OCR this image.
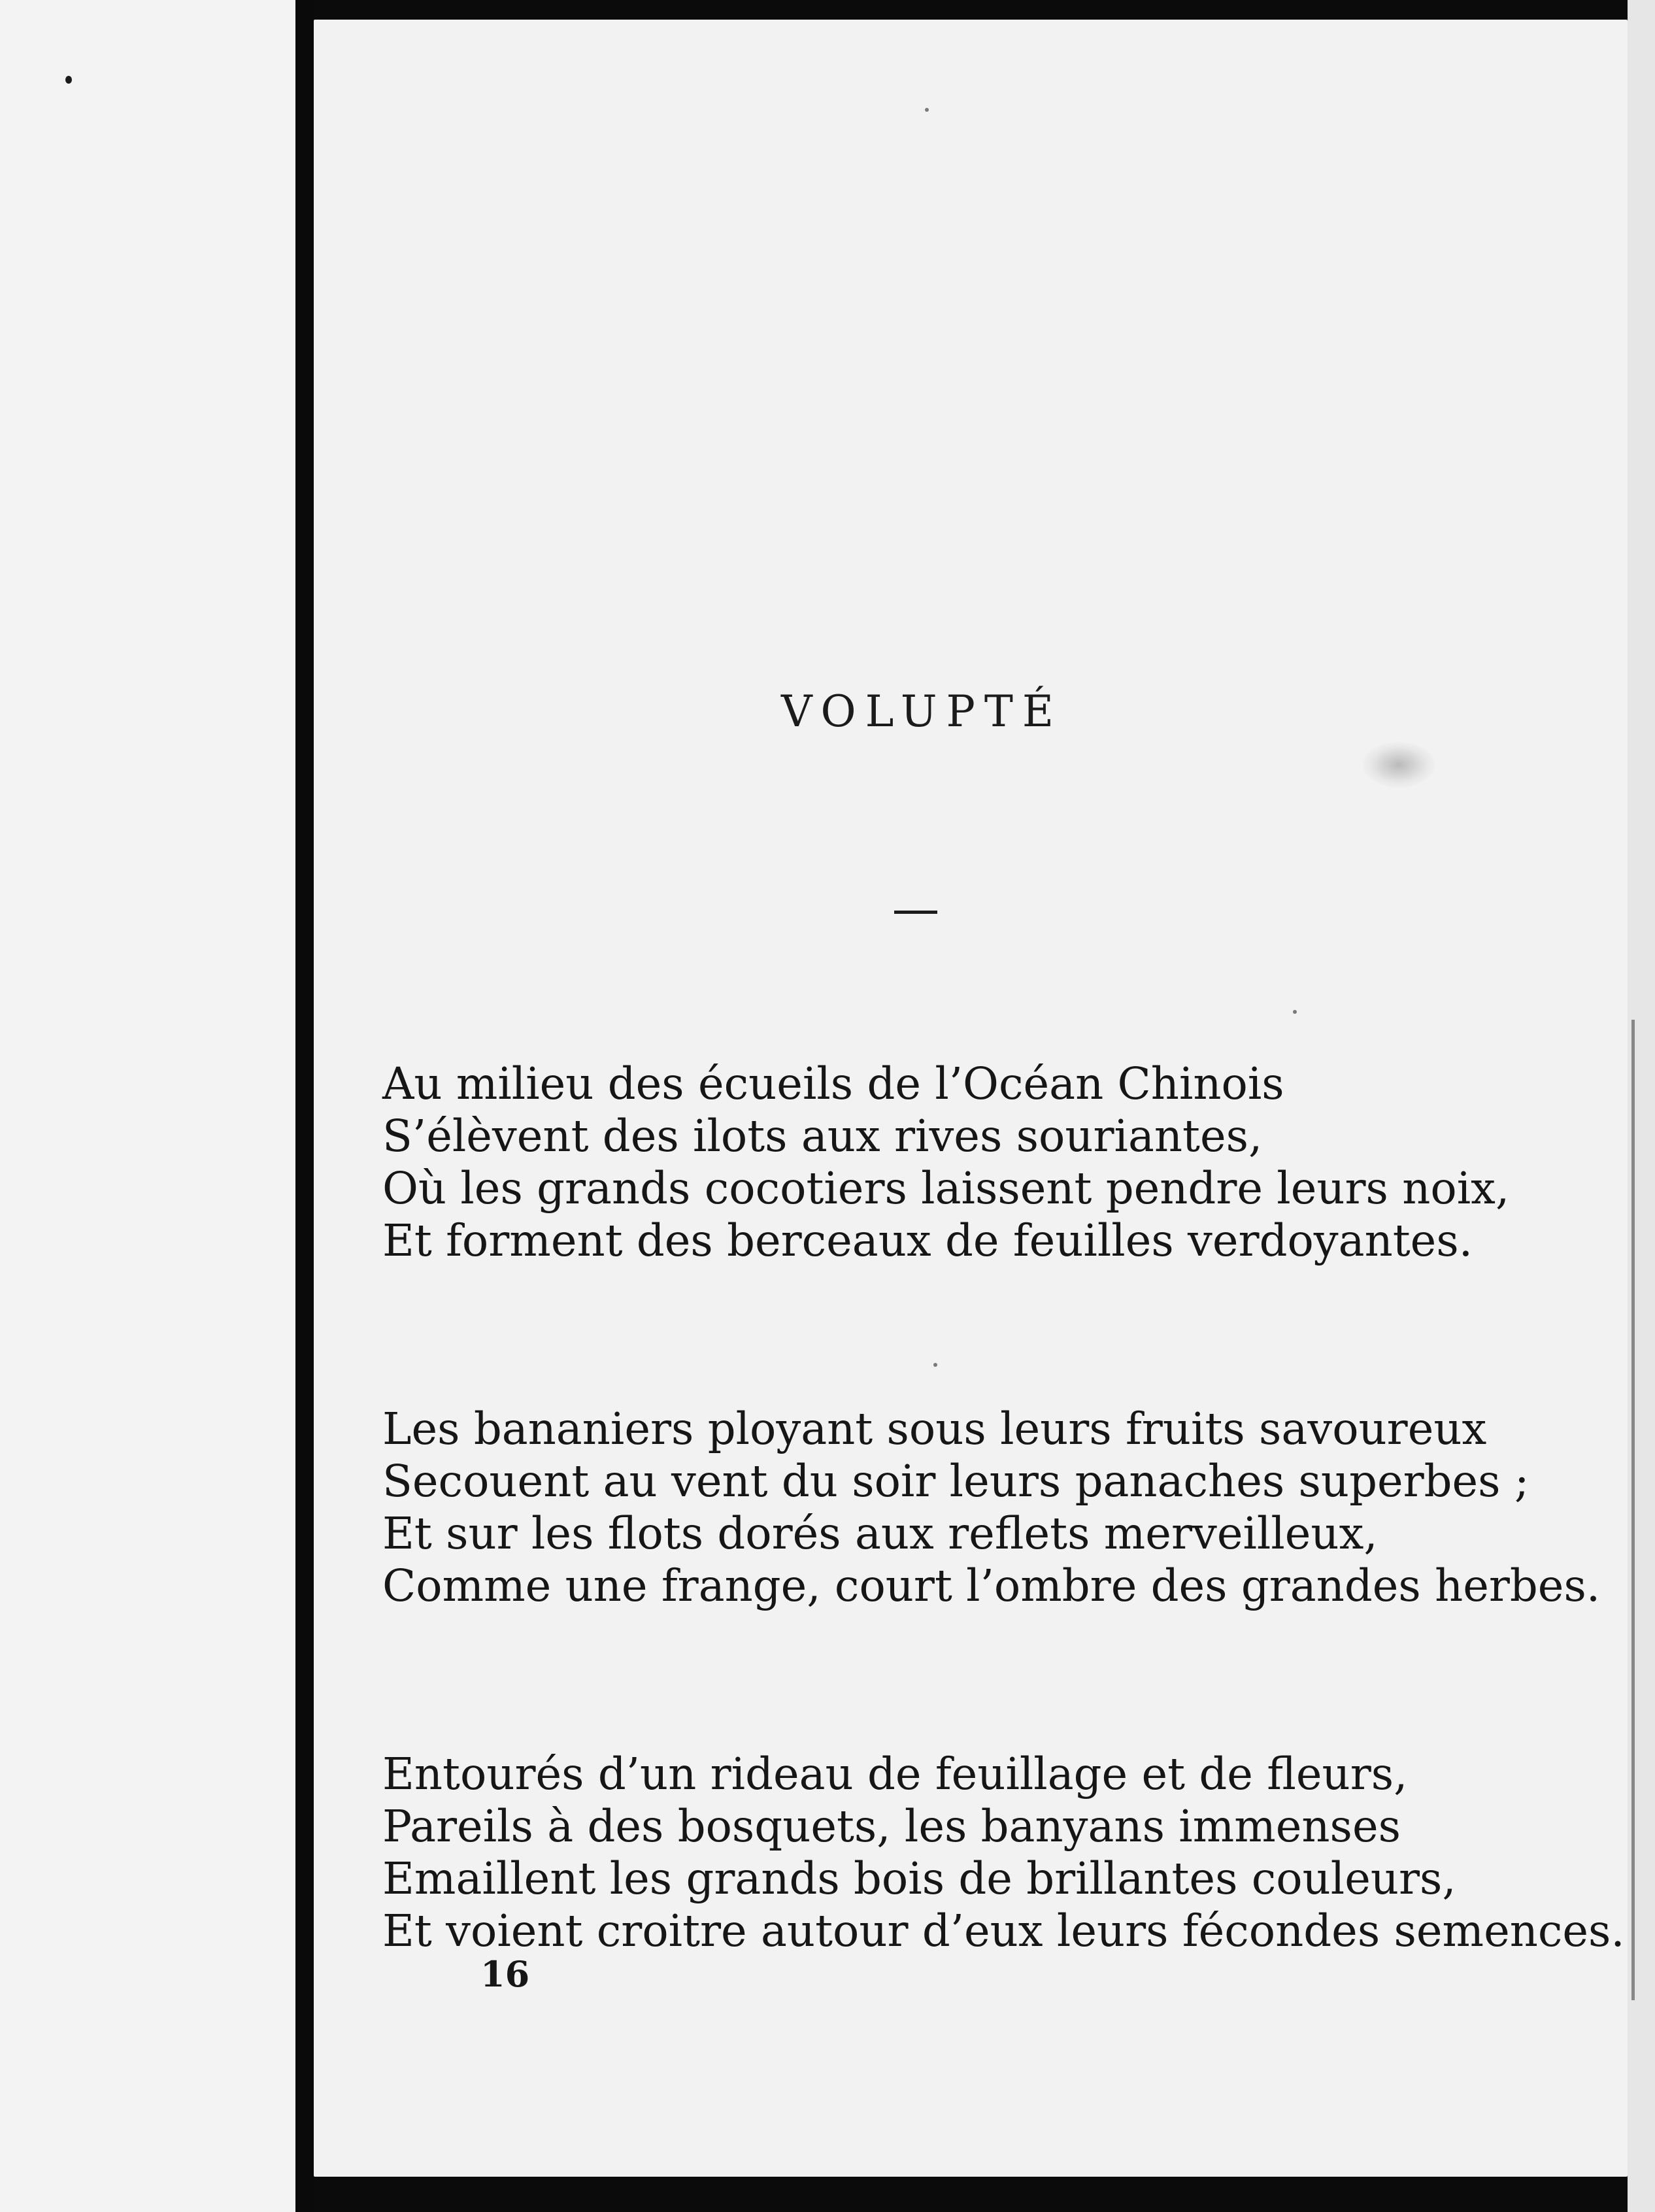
VOLUPTÉ
Au milieu des écueils de l’Océan Chinois
S’élèvent des ilots aux rives souriantes,
Où les grands cocotiers laissent pendre leurs noix,
Et forment des berceaux de feuilles verdoyantes.
Les bananiers ployant sous leurs fruits savoureux
Secouent au vent du soir leurs panaches superbes ;
Et sur les flots dorés aux reflets merveilleux,
Comme une frange, court l’ombre des grandes herbes.
Entourés d’un rideau de feuillage et de fleurs,
Pareils à des bosquets, les banyans immenses
Emaillent les grands bois de brillantes couleurs,
Et voient croitre autour d’eux leurs fécondes semences.
16
